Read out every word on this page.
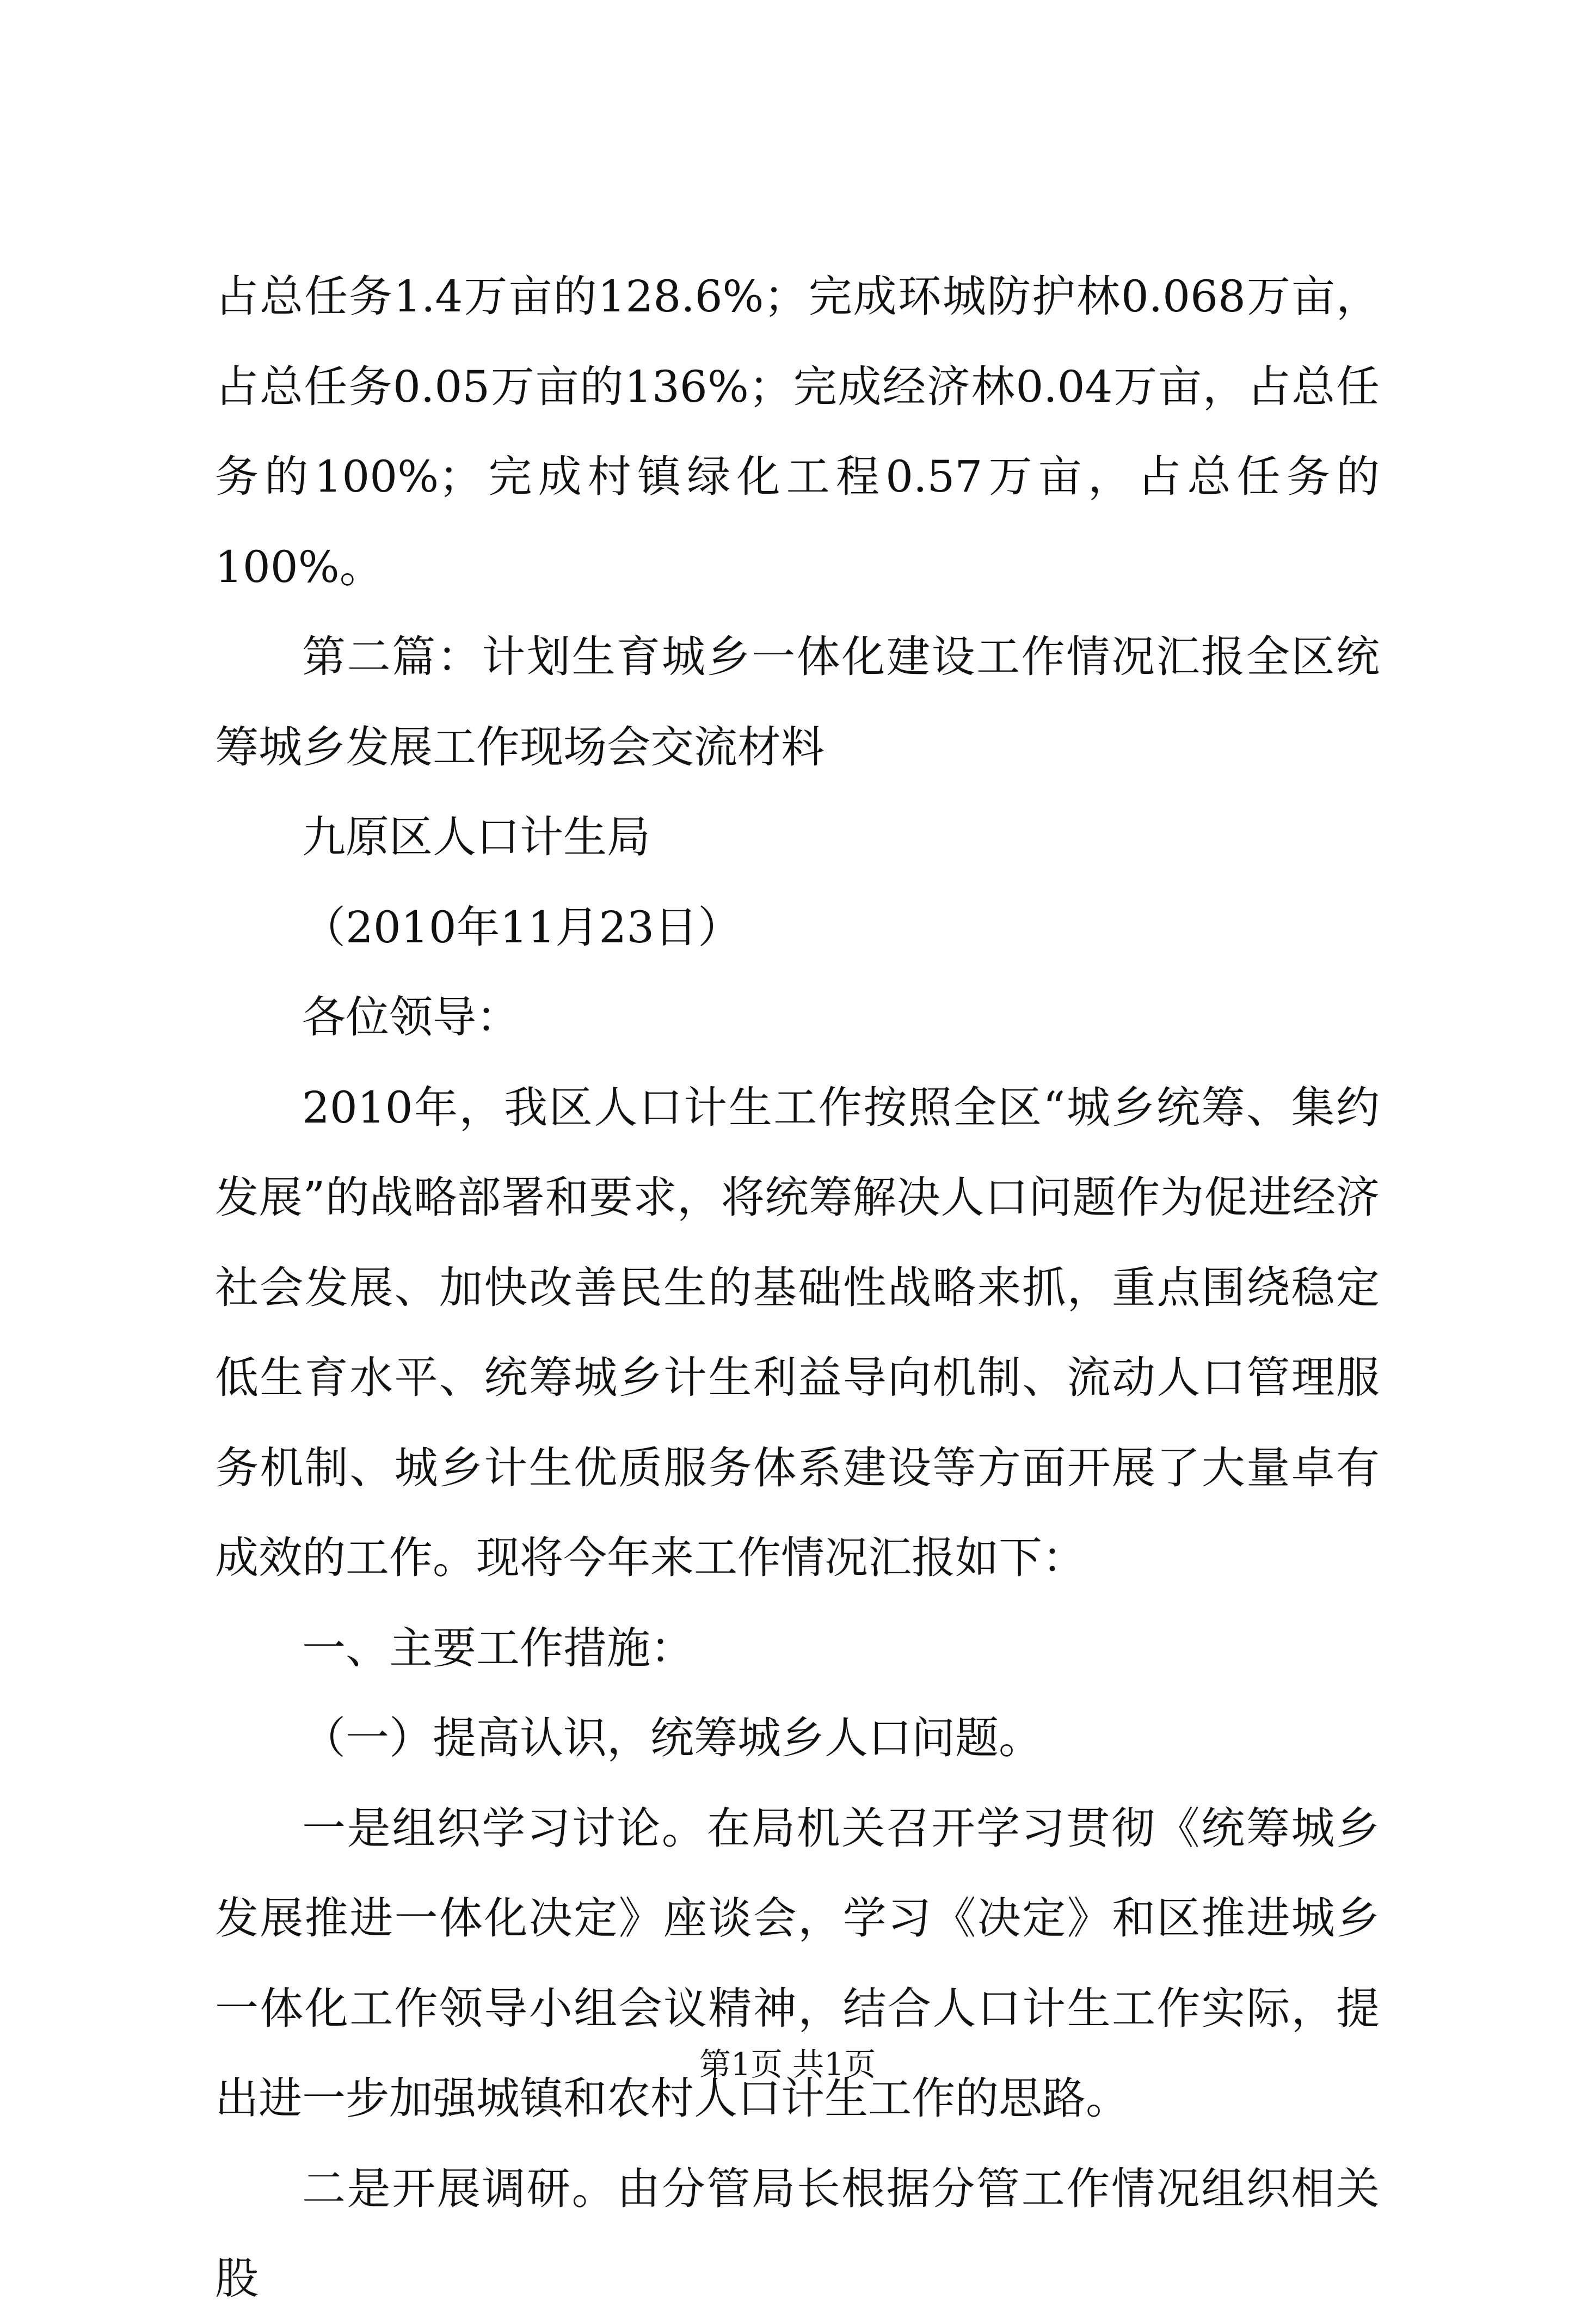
占总任务1.4万亩的128.6%；完成环城防护林0.068万亩，占总任务0.05万亩的136%；完成经济林0.04万亩，占总任务的100%；完成村镇绿化工程0.57万亩，占总任务的100%。

第二篇：计划生育城乡一体化建设工作情况汇报全区统筹城乡发展工作现场会交流材料

九原区人口计生局

（2010年11月23日）

各位领导：

2010年，我区人口计生工作按照全区“城乡统筹、集约发展”的战略部署和要求，将统筹解决人口问题作为促进经济社会发展、加快改善民生的基础性战略来抓，重点围绕稳定低生育水平、统筹城乡计生利益导向机制、流动人口管理服务机制、城乡计生优质服务体系建设等方面开展了大量卓有成效的工作。现将今年来工作情况汇报如下：

一、主要工作措施：

（一）提高认识，统筹城乡人口问题。

一是组织学习讨论。在局机关召开学习贯彻《统筹城乡发展推进一体化决定》座谈会，学习《决定》和区推进城乡一体化工作领导小组会议精神，结合人口计生工作实际，提出进一步加强城镇和农村人口计生工作的思路。

二是开展调研。由分管局长根据分管工作情况组织相关股

第1页 共1页
